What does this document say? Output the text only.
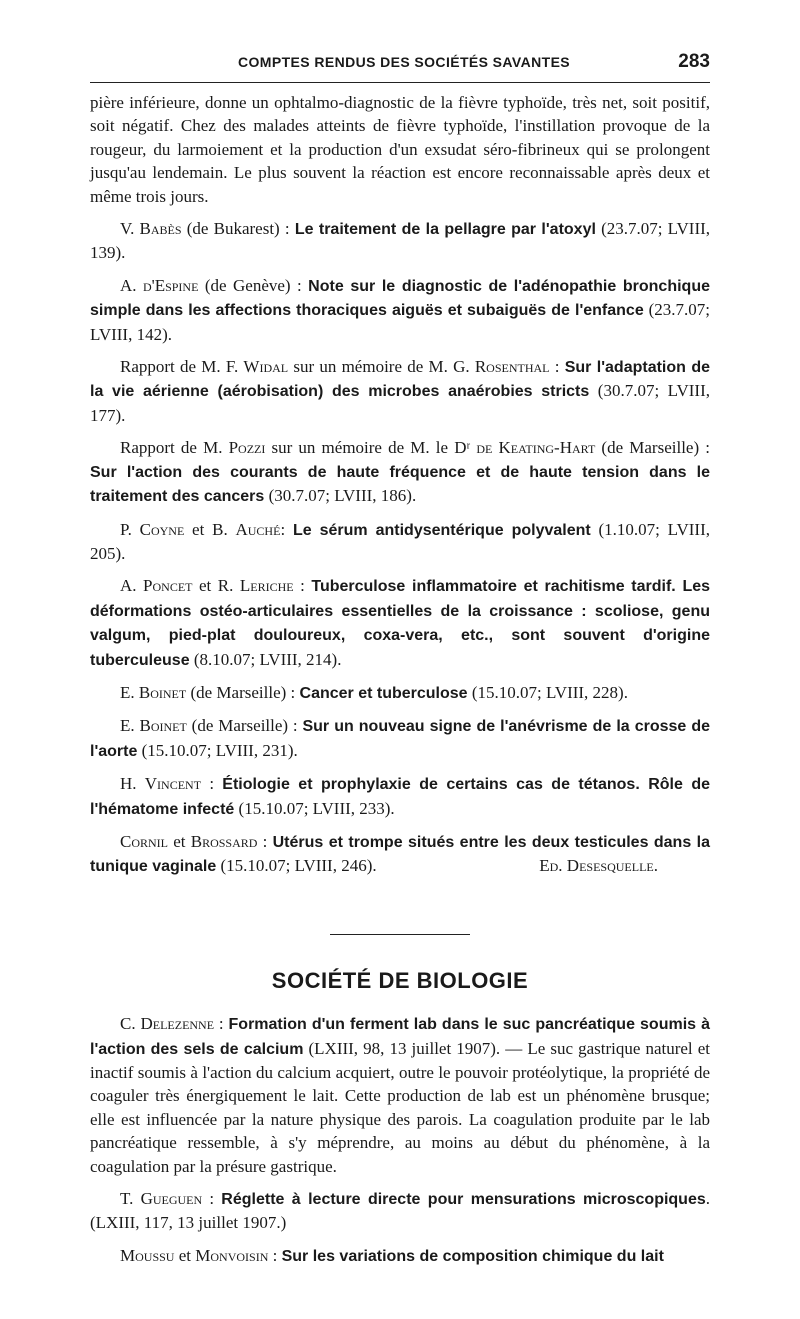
COMPTES RENDUS DES SOCIÉTÉS SAVANTES	283

pière inférieure, donne un ophtalmo-diagnostic de la fièvre typhoïde, très net, soit positif, soit négatif. Chez des malades atteints de fièvre typhoïde, l'instillation provoque de la rougeur, du larmoiement et la production d'un exsudat séro-fibrineux qui se prolongent jusqu'au lendemain. Le plus souvent la réaction est encore reconnaissable après deux et même trois jours.

V. Babès (de Bukarest) : Le traitement de la pellagre par l'atoxyl (23.7.07; LVIII, 139).

A. d'Espine (de Genève) : Note sur le diagnostic de l'adénopathie bronchique simple dans les affections thoraciques aiguës et subaiguës de l'enfance (23.7.07; LVIII, 142).

Rapport de M. F. Widal sur un mémoire de M. G. Rosenthal : Sur l'adaptation de la vie aérienne (aérobisation) des microbes anaérobies stricts (30.7.07; LVIII, 177).

Rapport de M. Pozzi sur un mémoire de M. le Dʳ de Keating-Hart (de Marseille) : Sur l'action des courants de haute fréquence et de haute tension dans le traitement des cancers (30.7.07; LVIII, 186).

P. Coyne et B. Auché: Le sérum antidysentérique polyvalent (1.10.07; LVIII, 205).

A. Poncet et R. Leriche : Tuberculose inflammatoire et rachitisme tardif. Les déformations ostéo-articulaires essentielles de la croissance : scoliose, genu valgum, pied-plat douloureux, coxa-vera, etc., sont souvent d'origine tuberculeuse (8.10.07; LVIII, 214).

E. Boinet (de Marseille) : Cancer et tuberculose (15.10.07; LVIII, 228).

E. Boinet (de Marseille) : Sur un nouveau signe de l'anévrisme de la crosse de l'aorte (15.10.07; LVIII, 231).

H. Vincent : Étiologie et prophylaxie de certains cas de tétanos. Rôle de l'hématome infecté (15.10.07; LVIII, 233).

Cornil et Brossard : Utérus et trompe situés entre les deux testicules dans la tunique vaginale (15.10.07; LVIII, 246).	Ed. Desesquelle.

SOCIÉTÉ DE BIOLOGIE

C. Delezenne : Formation d'un ferment lab dans le suc pancréatique soumis à l'action des sels de calcium (LXIII, 98, 13 juillet 1907). — Le suc gastrique naturel et inactif soumis à l'action du calcium acquiert, outre le pouvoir protéolytique, la propriété de coaguler très énergiquement le lait. Cette production de lab est un phénomène brusque; elle est influencée par la nature physique des parois. La coagulation produite par le lab pancréatique ressemble, à s'y méprendre, au moins au début du phénomène, à la coagulation par la présure gastrique.

T. Gueguen : Réglette à lecture directe pour mensurations microscopiques. (LXIII, 117, 13 juillet 1907.)

Moussu et Monvoisin : Sur les variations de composition chimique du lait
